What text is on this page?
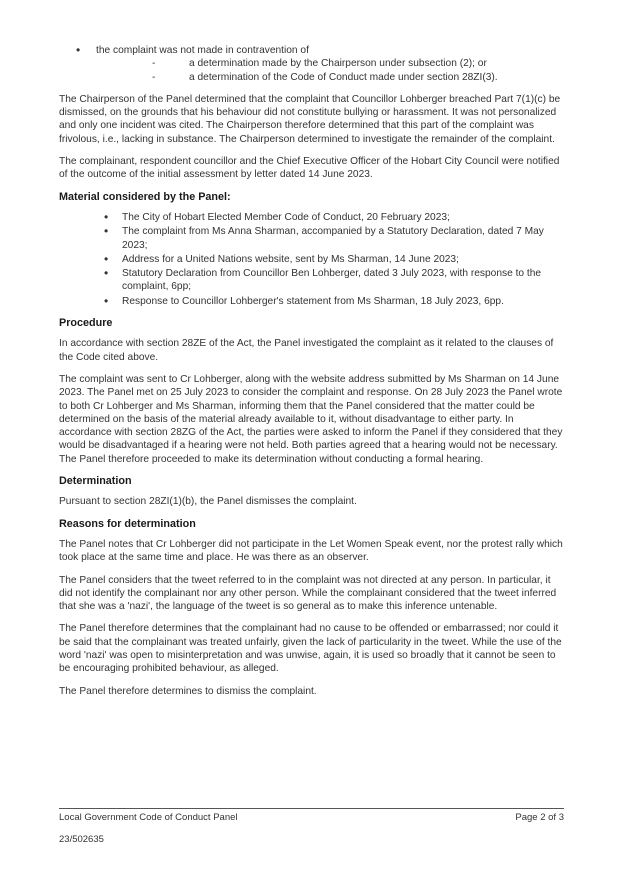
• the complaint was not made in contravention of
- a determination made by the Chairperson under subsection (2); or
- a determination of the Code of Conduct made under section 28ZI(3).

The Chairperson of the Panel determined that the complaint that Councillor Lohberger breached Part 7(1)(c) be dismissed, on the grounds that his behaviour did not constitute bullying or harassment. It was not personalized and only one incident was cited. The Chairperson therefore determined that this part of the complaint was frivolous, i.e., lacking in substance. The Chairperson determined to investigate the remainder of the complaint.

The complainant, respondent councillor and the Chief Executive Officer of the Hobart City Council were notified of the outcome of the initial assessment by letter dated 14 June 2023.

Material considered by the Panel:
• The City of Hobart Elected Member Code of Conduct, 20 February 2023;
• The complaint from Ms Anna Sharman, accompanied by a Statutory Declaration, dated 7 May 2023;
• Address for a United Nations website, sent by Ms Sharman, 14 June 2023;
• Statutory Declaration from Councillor Ben Lohberger, dated 3 July 2023, with response to the complaint, 6pp;
• Response to Councillor Lohberger's statement from Ms Sharman, 18 July 2023, 6pp.
Procedure

In accordance with section 28ZE of the Act, the Panel investigated the complaint as it related to the clauses of the Code cited above.

The complaint was sent to Cr Lohberger, along with the website address submitted by Ms Sharman on 14 June 2023. The Panel met on 25 July 2023 to consider the complaint and response. On 28 July 2023 the Panel wrote to both Cr Lohberger and Ms Sharman, informing them that the Panel considered that the matter could be determined on the basis of the material already available to it, without disadvantage to either party. In accordance with section 28ZG of the Act, the parties were asked to inform the Panel if they considered that they would be disadvantaged if a hearing were not held. Both parties agreed that a hearing would not be necessary. The Panel therefore proceeded to make its determination without conducting a formal hearing.

Determination

Pursuant to section 28ZI(1)(b), the Panel dismisses the complaint.

Reasons for determination

The Panel notes that Cr Lohberger did not participate in the Let Women Speak event, nor the protest rally which took place at the same time and place. He was there as an observer.

The Panel considers that the tweet referred to in the complaint was not directed at any person. In particular, it did not identify the complainant nor any other person. While the complainant considered that the tweet inferred that she was a 'nazi', the language of the tweet is so general as to make this inference untenable.

The Panel therefore determines that the complainant had no cause to be offended or embarrassed; nor could it be said that the complainant was treated unfairly, given the lack of particularity in the tweet. While the use of the word 'nazi' was open to misinterpretation and was unwise, again, it is used so broadly that it cannot be seen to be encouraging prohibited behaviour, as alleged.

The Panel therefore determines to dismiss the complaint.

Local Government Code of Conduct Panel	Page 2 of 3
23/502635
